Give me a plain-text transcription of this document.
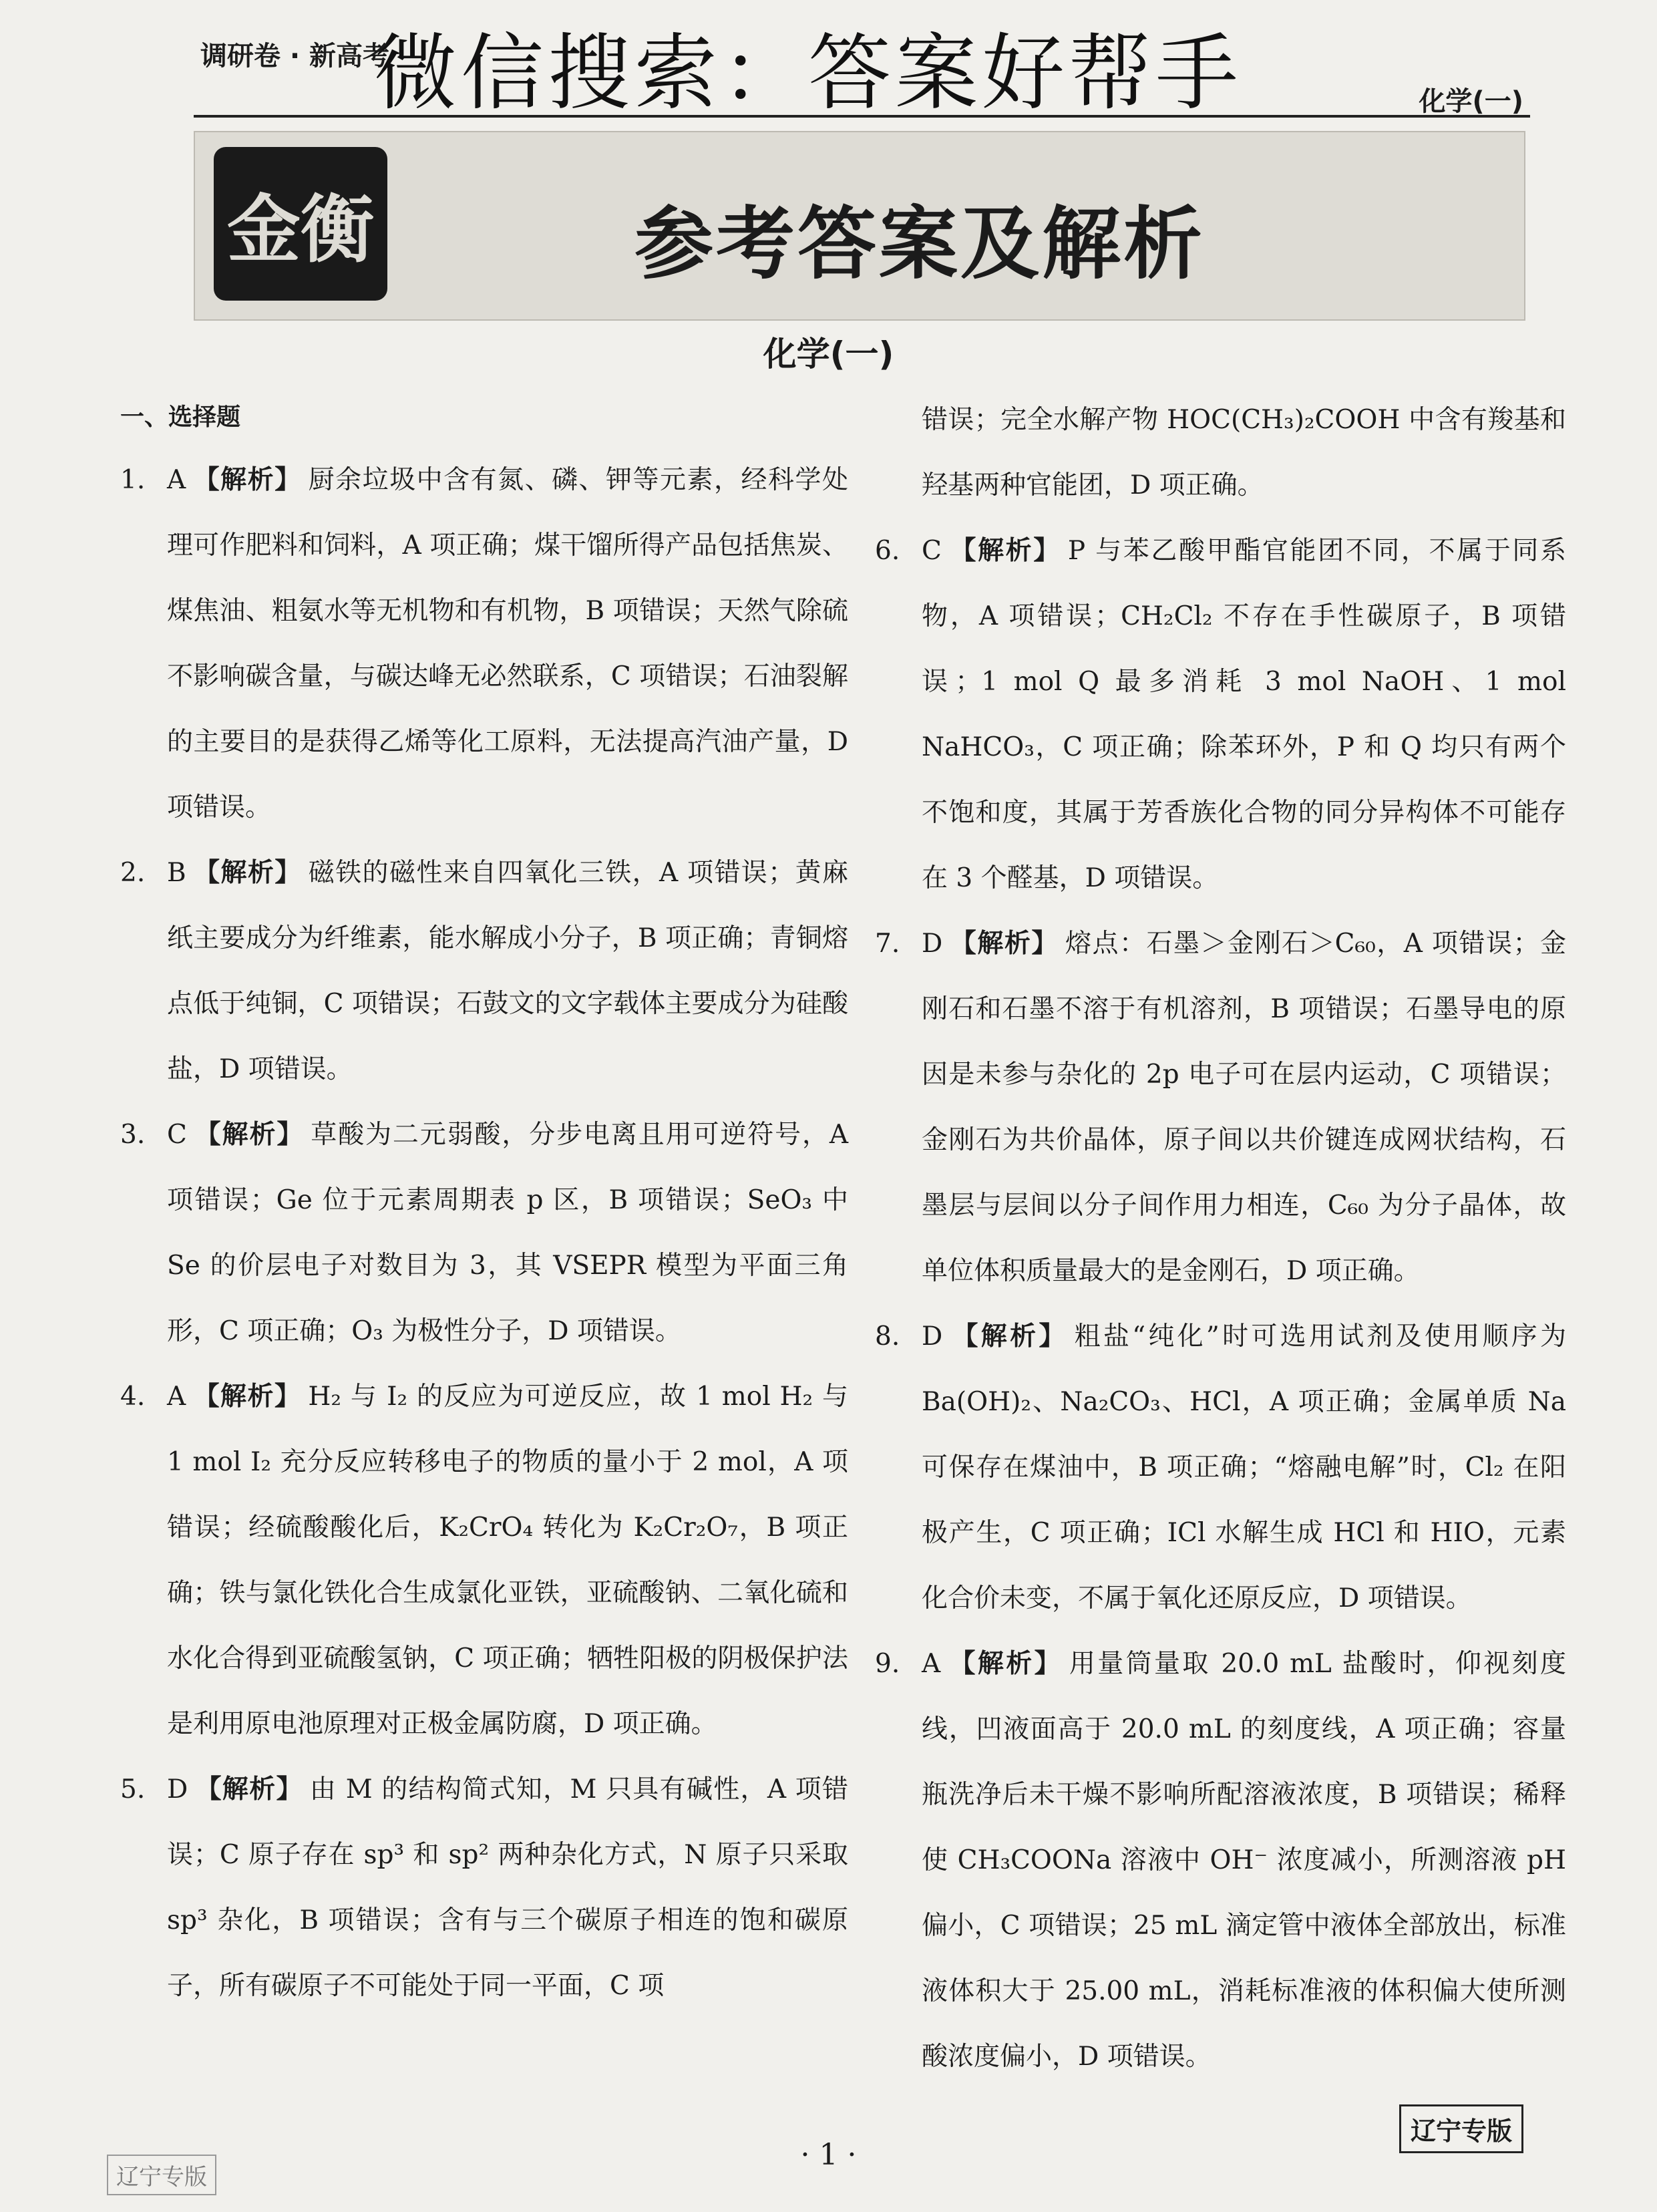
微信搜索：答案好帮手
调研卷 · 新高考
化学(一)
金衡	参考答案及解析
化学(一)
一、选择题

1. A 【解析】 厨余垃圾中含有氮、磷、钾等元素，经科学处理可作肥料和饲料，A 项正确；煤干馏所得产品包括焦炭、煤焦油、粗氨水等无机物和有机物，B 项错误；天然气除硫不影响碳含量，与碳达峰无必然联系，C 项错误；石油裂解的主要目的是获得乙烯等化工原料，无法提高汽油产量，D 项错误。

2. B 【解析】 磁铁的磁性来自四氧化三铁，A 项错误；黄麻纸主要成分为纤维素，能水解成小分子，B 项正确；青铜熔点低于纯铜，C 项错误；石鼓文的文字载体主要成分为硅酸盐，D 项错误。

3. C 【解析】 草酸为二元弱酸，分步电离且用可逆符号，A 项错误；Ge 位于元素周期表 p 区，B 项错误；SeO₃ 中 Se 的价层电子对数目为 3，其 VSEPR 模型为平面三角形，C 项正确；O₃ 为极性分子，D 项错误。

4. A 【解析】 H₂ 与 I₂ 的反应为可逆反应，故 1 mol H₂ 与 1 mol I₂ 充分反应转移电子的物质的量小于 2 mol，A 项错误；经硫酸酸化后，K₂CrO₄ 转化为 K₂Cr₂O₇，B 项正确；铁与氯化铁化合生成氯化亚铁，亚硫酸钠、二氧化硫和水化合得到亚硫酸氢钠，C 项正确；牺牲阳极的阴极保护法是利用原电池原理对正极金属防腐，D 项正确。

5. D 【解析】 由 M 的结构简式知，M 只具有碱性，A 项错误；C 原子存在 sp³ 和 sp² 两种杂化方式，N 原子只采取 sp³ 杂化，B 项错误；含有与三个碳原子相连的饱和碳原子，所有碳原子不可能处于同一平面，C 项

错误；完全水解产物 HOC(CH₃)₂COOH 中含有羧基和羟基两种官能团，D 项正确。

6. C 【解析】 P 与苯乙酸甲酯官能团不同，不属于同系物，A 项错误；CH₂Cl₂ 不存在手性碳原子，B 项错误；1 mol Q 最多消耗 3 mol NaOH、1 mol NaHCO₃，C 项正确；除苯环外，P 和 Q 均只有两个不饱和度，其属于芳香族化合物的同分异构体不可能存在 3 个醛基，D 项错误。

7. D 【解析】 熔点：石墨＞金刚石＞C₆₀，A 项错误；金刚石和石墨不溶于有机溶剂，B 项错误；石墨导电的原因是未参与杂化的 2p 电子可在层内运动，C 项错误；金刚石为共价晶体，原子间以共价键连成网状结构，石墨层与层间以分子间作用力相连，C₆₀ 为分子晶体，故单位体积质量最大的是金刚石，D 项正确。

8. D 【解析】 粗盐“纯化”时可选用试剂及使用顺序为 Ba(OH)₂、Na₂CO₃、HCl，A 项正确；金属单质 Na 可保存在煤油中，B 项正确；“熔融电解”时，Cl₂ 在阳极产生，C 项正确；ICl 水解生成 HCl 和 HIO，元素化合价未变，不属于氧化还原反应，D 项错误。

9. A 【解析】 用量筒量取 20.0 mL 盐酸时，仰视刻度线，凹液面高于 20.0 mL 的刻度线，A 项正确；容量瓶洗净后未干燥不影响所配溶液浓度，B 项错误；稀释使 CH₃COONa 溶液中 OH⁻ 浓度减小，所测溶液 pH 偏小，C 项错误；25 mL 滴定管中液体全部放出，标准液体积大于 25.00 mL，消耗标准液的体积偏大使所测酸浓度偏小，D 项错误。

辽宁专版
· 1 ·
辽宁专版
